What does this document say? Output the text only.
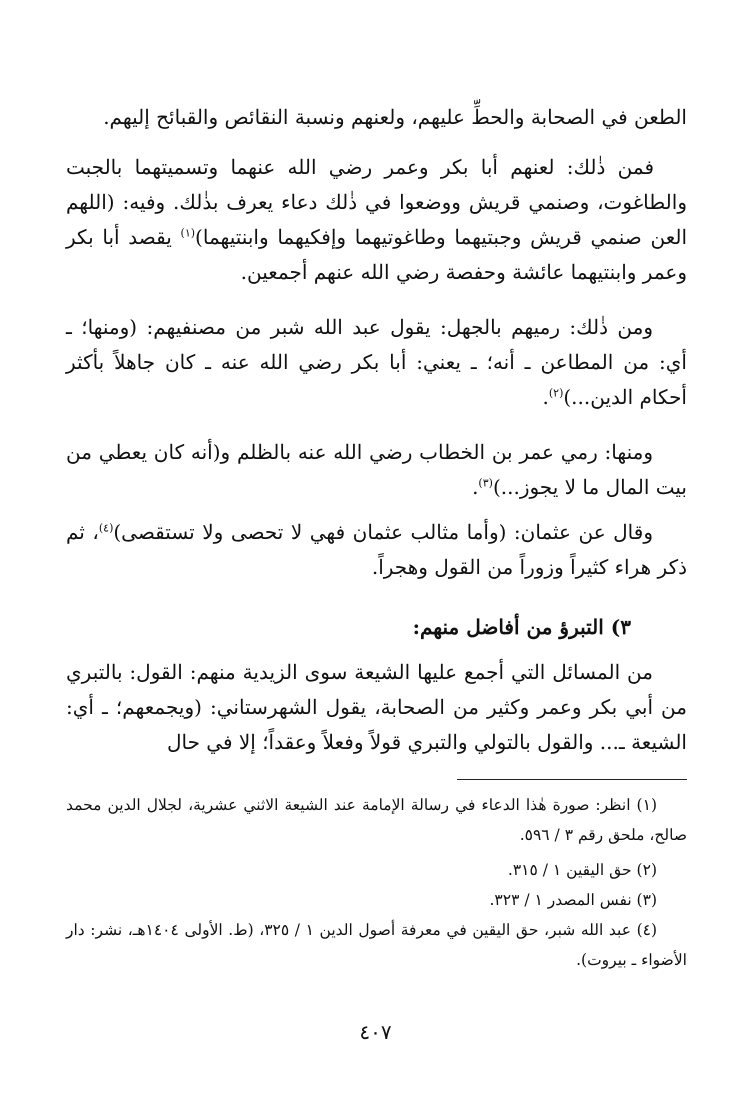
الطعن في الصحابة والحطِّ عليهم، ولعنهم ونسبة النقائص والقبائح إليهم.

فمن ذٰلك: لعنهم أبا بكر وعمر رضي الله عنهما وتسميتهما بالجبت والطاغوت، وصنمي قريش ووضعوا في ذٰلك دعاء يعرف بذٰلك. وفيه: (اللهم العن صنمي قريش وجبتيهما وطاغوتيهما وإفكيهما وابنتيهما)$^{(١)}$ يقصد أبا بكر وعمر وابنتيهما عائشة وحفصة رضي الله عنهم أجمعين.

ومن ذٰلك: رميهم بالجهل: يقول عبد الله شبر من مصنفيهم: (ومنها؛ ـ أي: من المطاعن ـ أنه؛ ـ يعني: أبا بكر رضي الله عنه ـ كان جاهلاً بأكثر أحكام الدين...)$^{(٢)}$.

ومنها: رمي عمر بن الخطاب رضي الله عنه بالظلم و(أنه كان يعطي من بيت المال ما لا يجوز...)$^{(٣)}$.

وقال عن عثمان: (وأما مثالب عثمان فهي لا تحصى ولا تستقصى)$^{(٤)}$، ثم ذكر هراء كثيراً وزوراً من القول وهجراً.

٣) التبرؤ من أفاضل منهم:

من المسائل التي أجمع عليها الشيعة سوى الزيدية منهم: القول: بالتبري من أبي بكر وعمر وكثير من الصحابة، يقول الشهرستاني: (ويجمعهم؛ ـ أي: الشيعة ـ... والقول بالتولي والتبري قولاً وفعلاً وعقداً؛ إلا في حال

(١) انظر: صورة هٰذا الدعاء في رسالة الإمامة عند الشيعة الاثني عشرية، لجلال الدين محمد صالح، ملحق رقم ٣ / ٥٩٦.

(٢) حق اليقين ١ / ٣١٥.

(٣) نفس المصدر ١ / ٣٢٣.

(٤) عبد الله شبر، حق اليقين في معرفة أصول الدين ١ / ٣٢٥، (ط. الأولى ١٤٠٤هـ، نشر: دار الأضواء ـ بيروت).

٤٠٧
